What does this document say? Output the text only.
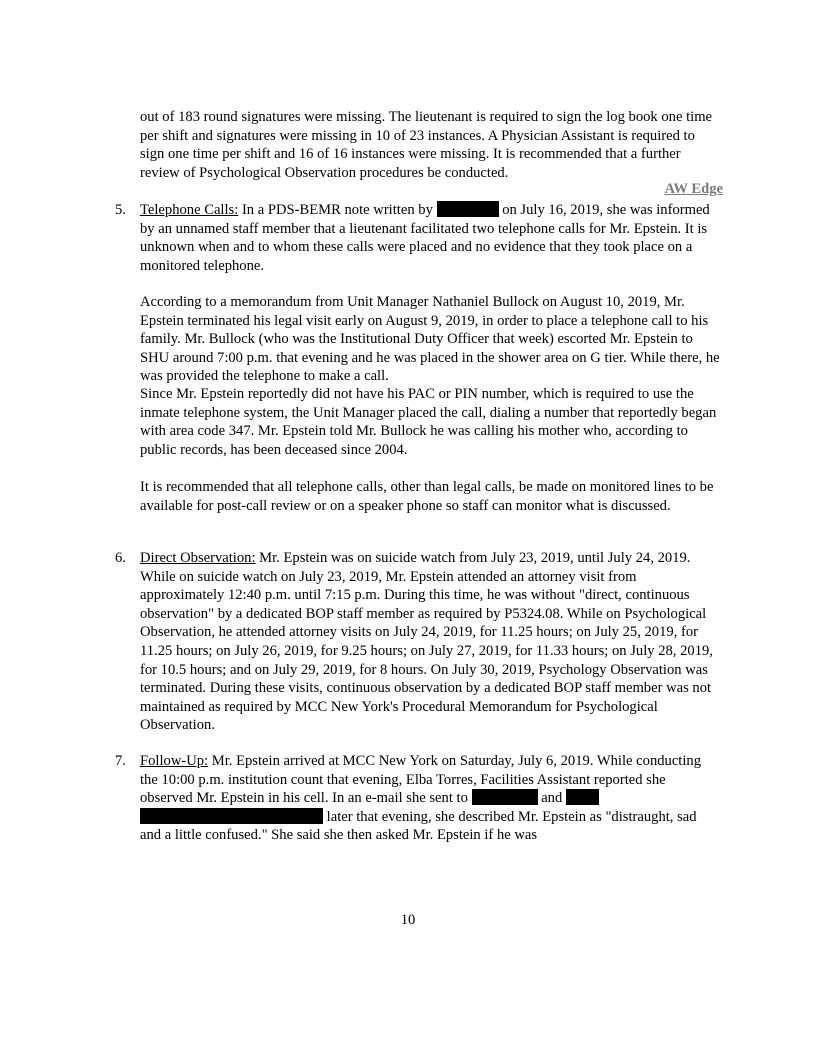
out of 183 round signatures were missing. The lieutenant is required to sign the log book one time per shift and signatures were missing in 10 of 23 instances. A Physician Assistant is required to sign one time per shift and 16 of 16 instances were missing. It is recommended that a further review of Psychological Observation procedures be conducted.

AW Edge
5. Telephone Calls: In a PDS-BEMR note written by	on July 16, 2019, she was informed by an unnamed staff member that a lieutenant facilitated two telephone calls for Mr. Epstein. It is unknown when and to whom these calls were placed and no evidence that they took place on a monitored telephone.

According to a memorandum from Unit Manager Nathaniel Bullock on August 10, 2019, Mr. Epstein terminated his legal visit early on August 9, 2019, in order to place a telephone call to his family. Mr. Bullock (who was the Institutional Duty Officer that week) escorted Mr. Epstein to SHU around 7:00 p.m. that evening and he was placed in the shower area on G tier. While there, he was provided the telephone to make a call.

Since Mr. Epstein reportedly did not have his PAC or PIN number, which is required to use the inmate telephone system, the Unit Manager placed the call, dialing a number that reportedly began with area code 347. Mr. Epstein told Mr. Bullock he was calling his mother who, according to public records, has been deceased since 2004.

It is recommended that all telephone calls, other than legal calls, be made on monitored lines to be available for post-call review or on a speaker phone so staff can monitor what is discussed.

6. Direct Observation: Mr. Epstein was on suicide watch from July 23, 2019, until July 24, 2019. While on suicide watch on July 23, 2019, Mr. Epstein attended an attorney visit from approximately 12:40 p.m. until 7:15 p.m. During this time, he was without "direct, continuous observation" by a dedicated BOP staff member as required by P5324.08. While on Psychological Observation, he attended attorney visits on July 24, 2019, for 11.25 hours; on July 25, 2019, for 11.25 hours; on July 26, 2019, for 9.25 hours; on July 27, 2019, for 11.33 hours; on July 28, 2019, for 10.5 hours; and on July 29, 2019, for 8 hours. On July 30, 2019, Psychology Observation was terminated. During these visits, continuous observation by a dedicated BOP staff member was not maintained as required by MCC New York's Procedural Memorandum for Psychological Observation.

7. Follow-Up: Mr. Epstein arrived at MCC New York on Saturday, July 6, 2019. While conducting the 10:00 p.m. institution count that evening, Elba Torres, Facilities Assistant reported she observed Mr. Epstein in his cell. In an e-mail she sent to	and   later that evening, she described Mr. Epstein as "distraught, sad and a little confused." She said she then asked Mr. Epstein if he was

10
